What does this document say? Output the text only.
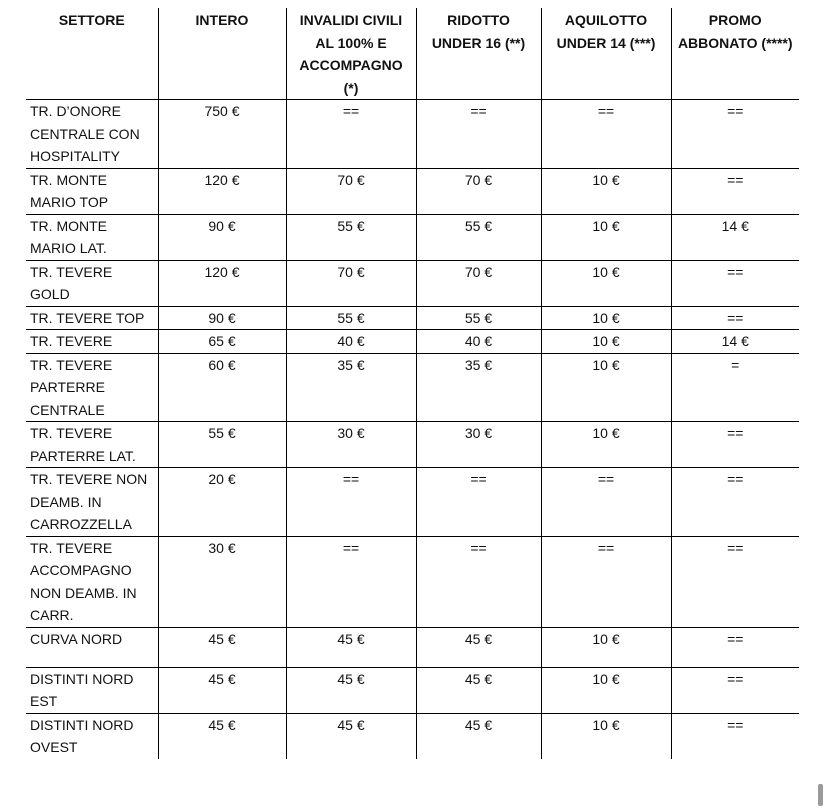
SETTORE	INTERO	INVALIDI CIVILI AL 100% E ACCOMPAGNO (*)	RIDOTTO UNDER 16 (**)	AQUILOTTO UNDER 14 (***)	PROMO ABBONATO (****)
TR. D’ONORE CENTRALE CON HOSPITALITY	750 €	==	==	==	==
TR. MONTE MARIO TOP	120 €	70 €	70 €	10 €	==
TR. MONTE MARIO LAT.	90 €	55 €	55 €	10 €	14 €
TR. TEVERE GOLD	120 €	70 €	70 €	10 €	==
TR. TEVERE TOP	90 €	55 €	55 €	10 €	==
TR. TEVERE	65 €	40 €	40 €	10 €	14 €
TR. TEVERE PARTERRE CENTRALE	60 €	35 €	35 €	10 €	=
TR. TEVERE PARTERRE LAT.	55 €	30 €	30 €	10 €	==
TR. TEVERE NON DEAMB. IN CARROZZELLA	20 €	==	==	==	==
TR. TEVERE ACCOMPAGNO NON DEAMB. IN CARR.	30 €	==	==	==	==
CURVA NORD	45 €	45 €	45 €	10 €	==
DISTINTI NORD EST	45 €	45 €	45 €	10 €	==
DISTINTI NORD OVEST	45 €	45 €	45 €	10 €	==
